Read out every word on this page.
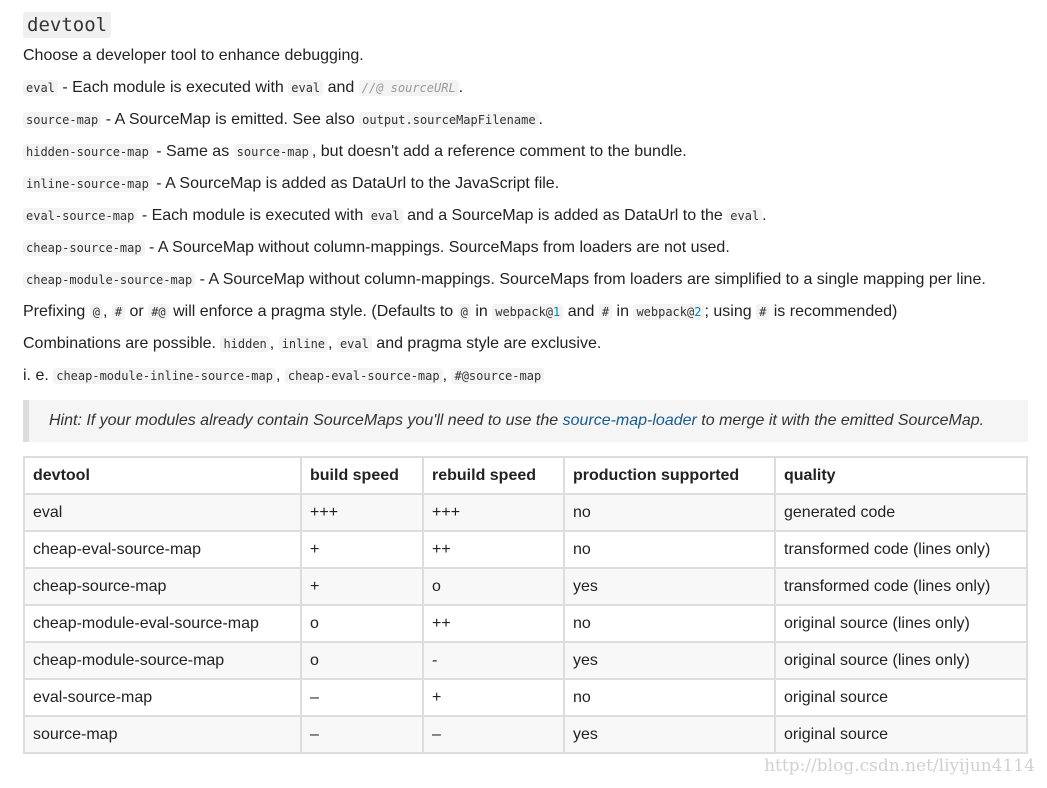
devtool
Choose a developer tool to enhance debugging.
eval - Each module is executed with eval and //@ sourceURL .
source-map - A SourceMap is emitted. See also output.sourceMapFilename .
hidden-source-map - Same as source-map , but doesn't add a reference comment to the bundle.
inline-source-map - A SourceMap is added as DataUrl to the JavaScript file.
eval-source-map - Each module is executed with eval and a SourceMap is added as DataUrl to the eval .
cheap-source-map - A SourceMap without column-mappings. SourceMaps from loaders are not used.
cheap-module-source-map - A SourceMap without column-mappings. SourceMaps from loaders are simplified to a single mapping per line.
Prefixing @ , # or #@ will enforce a pragma style. (Defaults to @ in webpack@1 and # in webpack@2 ; using # is recommended)
Combinations are possible. hidden , inline , eval and pragma style are exclusive.
i. e. cheap-module-inline-source-map , cheap-eval-source-map , #@source-map
Hint: If your modules already contain SourceMaps you'll need to use the source-map-loader to merge it with the emitted SourceMap.
devtool	build speed	rebuild speed	production supported	quality
eval	+++	+++	no	generated code
cheap-eval-source-map	+	++	no	transformed code (lines only)
cheap-source-map	+	o	yes	transformed code (lines only)
cheap-module-eval-source-map	o	++	no	original source (lines only)
cheap-module-source-map	o	-	yes	original source (lines only)
eval-source-map	–	+	no	original source
source-map	–	–	yes	original source
http://blog.csdn.net/liyijun4114
